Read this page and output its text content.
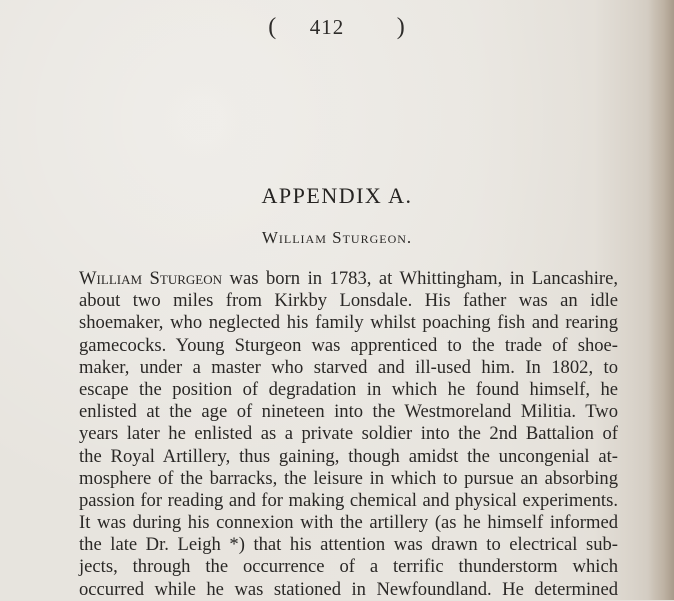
( 412 )
APPENDIX A.
William Sturgeon.
William Sturgeon was born in 1783, at Whittingham, in Lancashire,
about two miles from Kirkby Lonsdale. His father was an idle
shoemaker, who neglected his family whilst poaching fish and rearing
gamecocks. Young Sturgeon was apprenticed to the trade of shoe-
maker, under a master who starved and ill-used him. In 1802, to
escape the position of degradation in which he found himself, he
enlisted at the age of nineteen into the Westmoreland Militia. Two
years later he enlisted as a private soldier into the 2nd Battalion of
the Royal Artillery, thus gaining, though amidst the uncongenial at-
mosphere of the barracks, the leisure in which to pursue an absorbing
passion for reading and for making chemical and physical experiments.
It was during his connexion with the artillery (as he himself informed
the late Dr. Leigh *) that his attention was drawn to electrical sub-
jects, through the occurrence of a terrific thunderstorm which
occurred while he was stationed in Newfoundland. He determined
